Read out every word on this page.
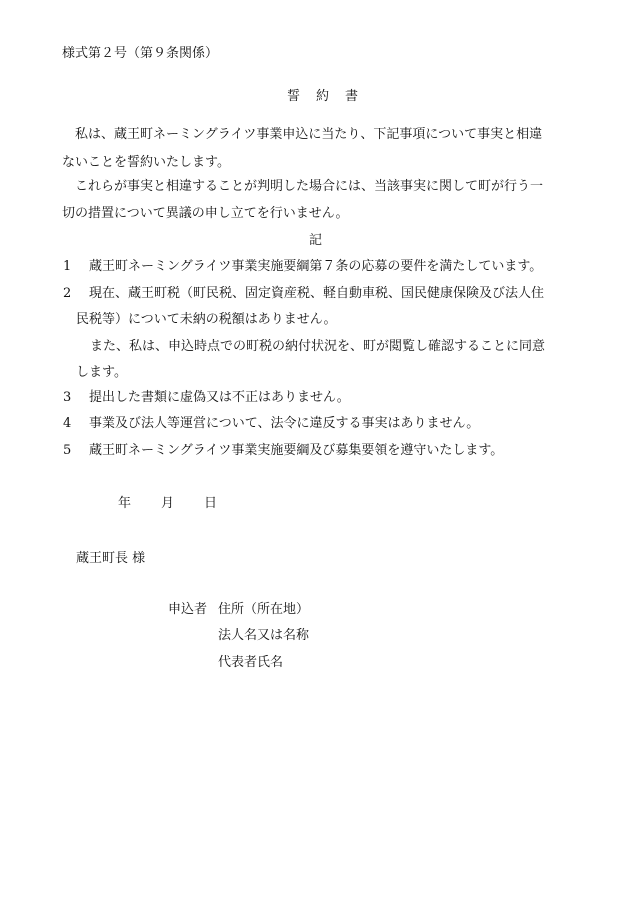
様式第２号（第９条関係）
誓 約 書
私は、蔵王町ネーミングライツ事業申込に当たり、下記事項について事実と相違
ないことを誓約いたします。
これらが事実と相違することが判明した場合には、当該事実に関して町が行う一
切の措置について異議の申し立てを行いません。
記
1 蔵王町ネーミングライツ事業実施要綱第７条の応募の要件を満たしています。
2 現在、蔵王町税（町民税、固定資産税、軽自動車税、国民健康保険及び法人住
民税等）について未納の税額はありません。
また、私は、申込時点での町税の納付状況を、町が閲覧し確認することに同意
します。
3 提出した書類に虚偽又は不正はありません。
4 事業及び法人等運営について、法令に違反する事実はありません。
5 蔵王町ネーミングライツ事業実施要綱及び募集要領を遵守いたします。
年 月 日
蔵王町長 様
申込者 住所（所在地）
法人名又は名称
代表者氏名
